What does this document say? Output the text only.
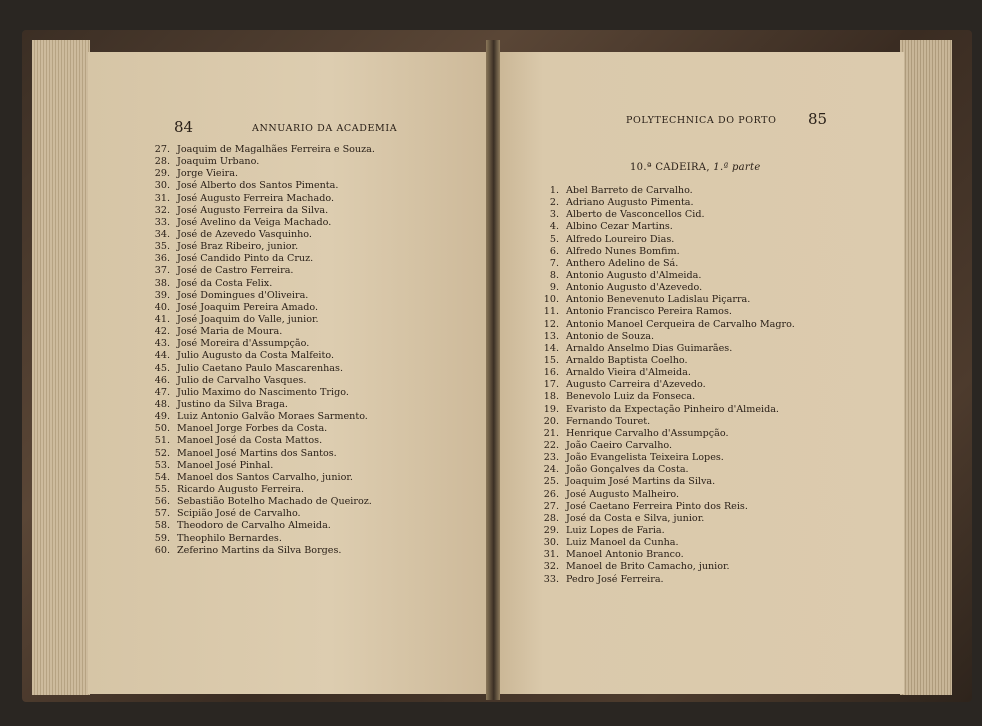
84	ANNUARIO DA ACADEMIA
27. Joaquim de Magalhães Ferreira e Souza.
28. Joaquim Urbano.
29. Jorge Vieira.
30. José Alberto dos Santos Pimenta.
31. José Augusto Ferreira Machado.
32. José Augusto Ferreira da Silva.
33. José Avelino da Veiga Machado.
34. José de Azevedo Vasquinho.
35. José Braz Ribeiro, junior.
36. José Candido Pinto da Cruz.
37. José de Castro Ferreira.
38. José da Costa Felix.
39. José Domingues d'Oliveira.
40. José Joaquim Pereira Amado.
41. José Joaquim do Valle, junior.
42. José Maria de Moura.
43. José Moreira d'Assumpção.
44. Julio Augusto da Costa Malfeito.
45. Julio Caetano Paulo Mascarenhas.
46. Julio de Carvalho Vasques.
47. Julio Maximo do Nascimento Trigo.
48. Justino da Silva Braga.
49. Luiz Antonio Galvão Moraes Sarmento.
50. Manoel Jorge Forbes da Costa.
51. Manoel José da Costa Mattos.
52. Manoel José Martins dos Santos.
53. Manoel José Pinhal.
54. Manoel dos Santos Carvalho, junior.
55. Ricardo Augusto Ferreira.
56. Sebastião Botelho Machado de Queiroz.
57. Scipião José de Carvalho.
58. Theodoro de Carvalho Almeida.
59. Theophilo Bernardes.
60. Zeferino Martins da Silva Borges.
POLYTECHNICA DO PORTO 85
10.ª CADEIRA, 1.ª parte
1. Abel Barreto de Carvalho.
2. Adriano Augusto Pimenta.
3. Alberto de Vasconcellos Cid.
4. Albino Cezar Martins.
5. Alfredo Loureiro Dias.
6. Alfredo Nunes Bomfim.
7. Anthero Adelino de Sá.
8. Antonio Augusto d'Almeida.
9. Antonio Augusto d'Azevedo.
10. Antonio Benevenuto Ladislau Piçarra.
11. Antonio Francisco Pereira Ramos.
12. Antonio Manoel Cerqueira de Carvalho Magro.
13. Antonio de Souza.
14. Arnaldo Anselmo Dias Guimarães.
15. Arnaldo Baptista Coelho.
16. Arnaldo Vieira d'Almeida.
17. Augusto Carreira d'Azevedo.
18. Benevolo Luiz da Fonseca.
19. Evaristo da Expectação Pinheiro d'Almeida.
20. Fernando Touret.
21. Henrique Carvalho d'Assumpção.
22. João Caeiro Carvalho.
23. João Evangelista Teixeira Lopes.
24. João Gonçalves da Costa.
25. Joaquim José Martins da Silva.
26. José Augusto Malheiro.
27. José Caetano Ferreira Pinto dos Reis.
28. José da Costa e Silva, junior.
29. Luiz Lopes de Faria.
30. Luiz Manoel da Cunha.
31. Manoel Antonio Branco.
32. Manoel de Brito Camacho, junior.
33. Pedro José Ferreira.
